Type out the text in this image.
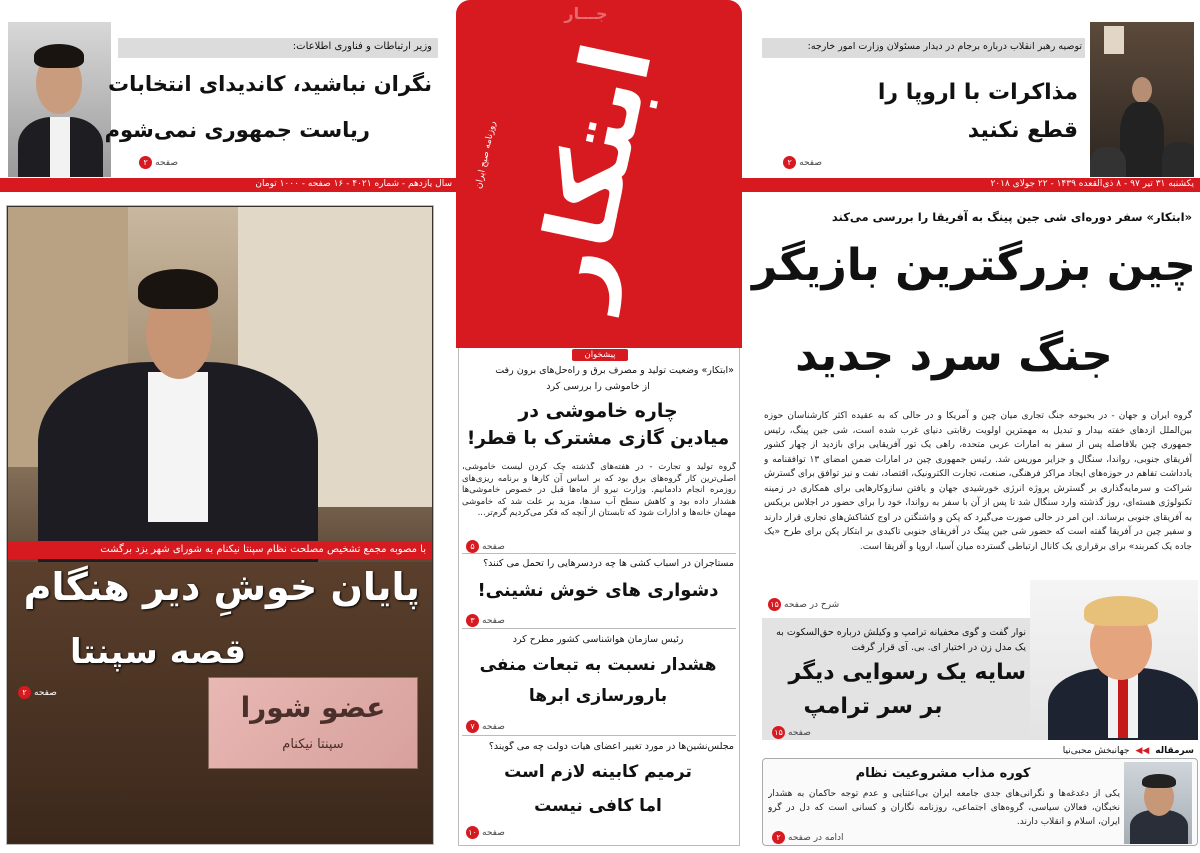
وزیر ارتباطات و فناوری اطلاعات:
نگران نباشید، کاندیدای انتخابات
ریاست جمهوری نمی‌شوم
صفحه
۲
توصیه رهبر انقلاب درباره برجام در دیدار مسئولان وزارت امور خارجه:
مذاکرات با اروپا را
قطع نکنید
صفحه
۲
سال یازدهم - شماره ۴۰۲۱ - ۱۶ صفحه - ۱۰۰۰ تومان	یکشنبه ۳۱ تیر ۹۷ - ۸ ذی‌القعده ۱۴۳۹ - ۲۲ جولای ۲۰۱۸
جـــار
ابتکار
روزنامه صبح ایران
پیشخوان
«ابتکار» وضعیت تولید و مصرف برق و راه‌حل‌های برون رفت
از خاموشی را بررسی کرد
چاره خاموشی در
میادین گازی مشترک با قطر!
گروه تولید و تجارت - در هفته‌های گذشته چک کردن لیست خاموشی، اصلی‌ترین کار گروه‌های برق بود که بر اساس آن کارها و برنامه ریزی‌های روزمره انجام دادمانیم. وزارت نیرو از ماه‌ها قبل در خصوص خاموشی‌ها هشدار داده بود و کاهش سطح آب سدها، مزید بر علت شد که خاموشی مهمان خانه‌ها و ادارات شود که تابستان از آنچه که فکر می‌کردیم گرم‌تر...
صفحه
۵
مستاجران در اسباب کشی ها چه دردسرهایی را تحمل می کنند؟
دشواری های خوش نشینی!
صفحه
۳
رئیس سازمان هواشناسی کشور مطرح کرد
هشدار نسبت به تبعات منفی
بارورسازی ابرها
صفحه
۷
مجلس‌نشین‌ها در مورد تغییر اعضای هیات دولت چه می گویند؟
ترمیم کابینه لازم است
اما کافی نیست
صفحه
۱۰
عضو شورا
سپنتا نیکنام
با مصوبه مجمع تشخیص مصلحت نظام سپنتا نیکنام به شورای شهر یزد برگشت
پایان خوشِ دیر هنگام
قصه سپنتا
صفحه
۲
«ابتکار» سفر دوره‌ای شی جین پینگ به آفریقا را بررسی می‌کند
چین بزرگترین بازیگر
جنگ سرد جدید
گروه ایران و جهان - در بحبوحه جنگ تجاری میان چین و آمریکا و در حالی که به عقیده اکثر کارشناسان حوزه بین‌الملل ازدهای خفته بیدار و تبدیل به مهمترین اولویت رقابتی دنیای غرب شده است، شی جین پینگ، رئیس جمهوری چین بلافاصله پس از سفر به امارات عربی متحده، راهی یک تور آفریقایی برای بازدید از چهار کشور آفریقای جنوبی، رواندا، سنگال و جزایر موریس شد. رئیس جمهوری چین در امارات ضمن امضای ۱۳ توافقنامه و یادداشت تفاهم در حوزه‌های ایجاد مراکز فرهنگی، صنعت، تجارت الکترونیک، اقتصاد، نفت و نیز توافق برای گسترش شراکت و سرمایه‌گذاری بر گسترش پروژه انرژی خورشیدی جهان و یافتن سازوکارهایی برای همکاری در زمینه تکنولوژی هسته‌ای، روز گذشته وارد سنگال شد تا پس از آن با سفر به رواندا، خود را برای حضور در اجلاس بریکس به آفریقای جنوبی برساند. این امر در حالی صورت می‌گیرد که پکن و واشنگتن در اوج کشاکش‌های تجاری قرار دارند و سفیر چین در آفریقا گفته است که حضور شی جین پینگ در آفریقای جنوبی تاکیدی بر ابتکار پکن برای طرح «یک جاده یک کمربند» برای برقراری یک کانال ارتباطی گسترده میان آسیا، اروپا و آفریقا است.
شرح در صفحه
۱۵
نوار گفت و گوی مخفیانه ترامپ و وکیلش درباره حق‌السکوت به یک مدل زن در اختیار ای. بی. آی قرار گرفت
سایه یک رسوایی دیگر
بر سر ترامپ
صفحه
۱۵
سرمقاله
◀◀
جهانبخش محبی‌نیا
کوره مذاب مشروعیت نظام
یکی از دغدغه‌ها و نگرانی‌های جدی جامعه ایران بی‌اعتنایی و عدم توجه حاکمان به هشدار نخبگان، فعالان سیاسی، گروه‌های اجتماعی، روزنامه نگاران و کسانی است که دل در گرو ایران، اسلام و انقلاب دارند.
ادامه در صفحه
۲
